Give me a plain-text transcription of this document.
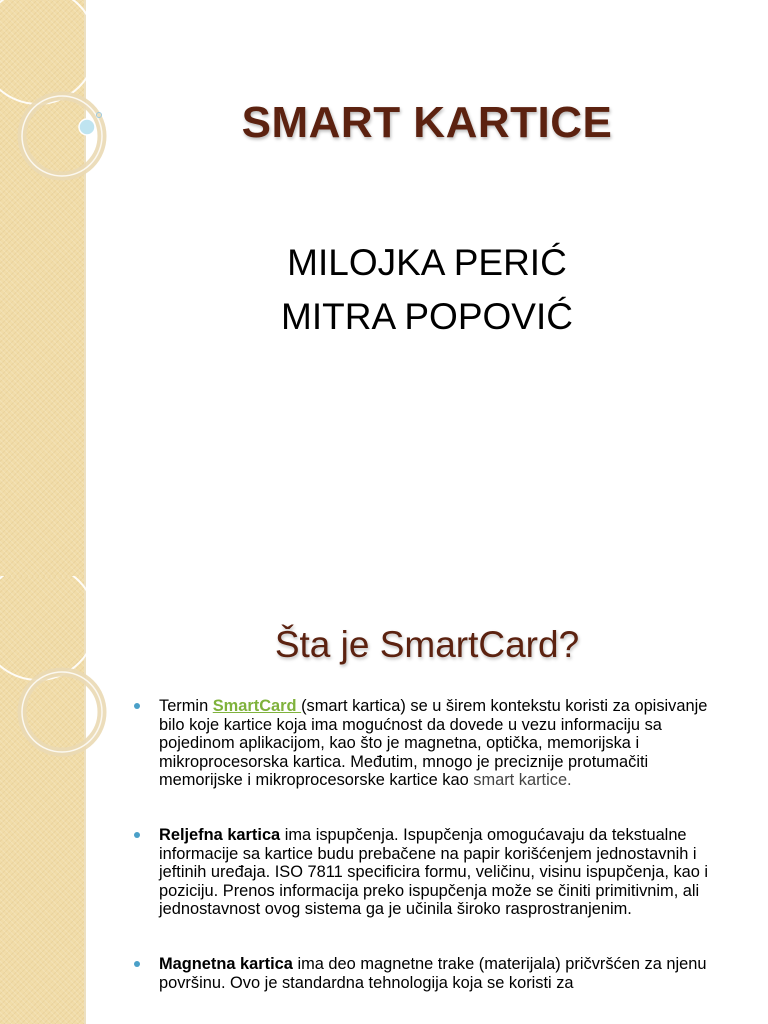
SMART KARTICE
MILOJKA PERIĆ
MITRA POPOVIĆ
Šta je SmartCard?
Termin SmartCard (smart kartica) se u širem kontekstu koristi za opisivanje bilo koje kartice koja ima mogućnost da dovede u vezu informaciju sa pojedinom aplikacijom, kao što je magnetna, optička, memorijska i mikroprocesorska kartica. Međutim, mnogo je preciznije protumačiti memorijske i mikroprocesorske kartice kao smart kartice.
Reljefna kartica ima ispupčenja. Ispupčenja omogućavaju da tekstualne informacije sa kartice budu prebačene na papir korišćenjem jednostavnih i jeftinih uređaja. ISO 7811 specificira formu, veličinu, visinu ispupčenja, kao i poziciju. Prenos informacija preko ispupčenja može se činiti primitivnim, ali jednostavnost ovog sistema ga je učinila široko rasprostranjenim.
Magnetna kartica ima deo magnetne trake (materijala) pričvršćen za njenu površinu. Ovo je standardna tehnologija koja se koristi za
